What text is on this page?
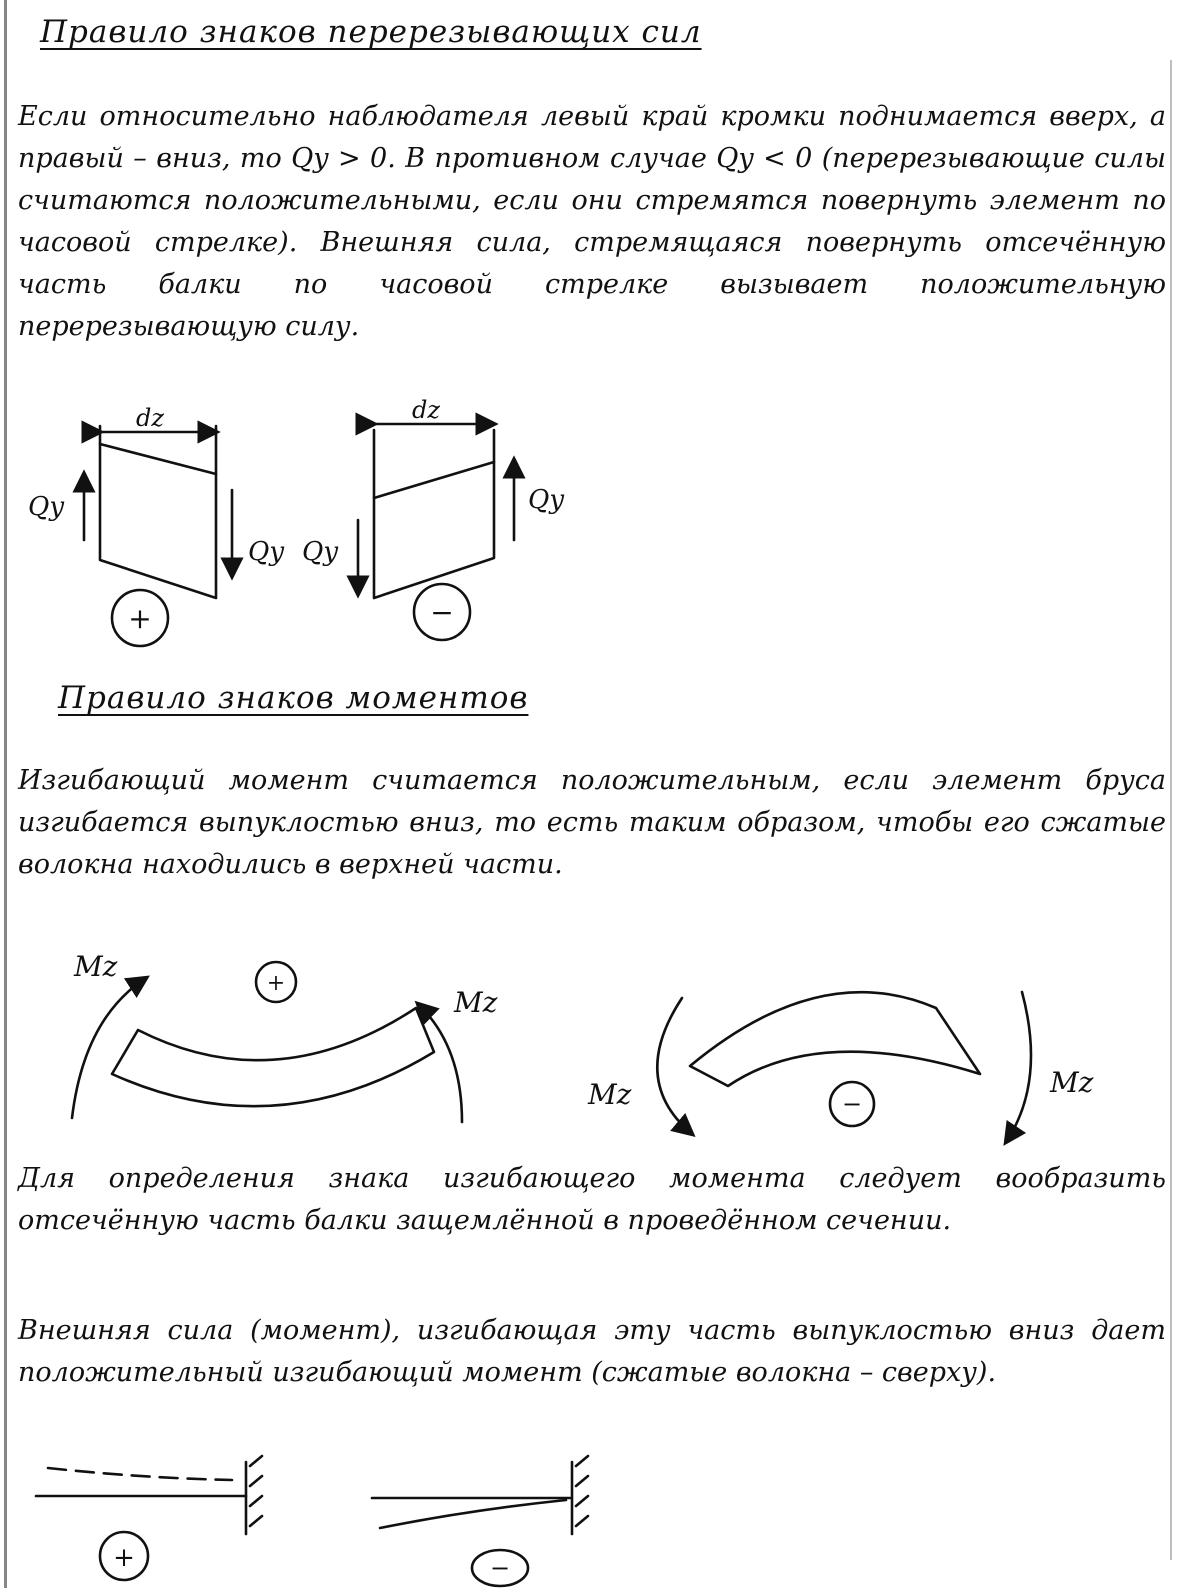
Правило знаков перерезывающих сил

Если относительно наблюдателя левый край кромки поднимается вверх, а правый – вниз, то Qy > 0. В противном случае Qy < 0 (перерезывающие силы считаются положительными, если они стремятся повернуть элемент по часовой стрелке). Внешняя сила, стремящаяся повернуть отсечённую часть балки по часовой стрелке вызывает положительную перерезывающую силу.

Правило знаков моментов

Изгибающий момент считается положительным, если элемент бруса изгибается выпуклостью вниз, то есть таким образом, чтобы его сжатые волокна находились в верхней части.

Для определения знака изгибающего момента следует вообразить отсечённую часть балки защемлённой в проведённом сечении.

Внешняя сила (момент), изгибающая эту часть выпуклостью вниз дает положительный изгибающий момент (сжатые волокна – сверху).

dz
Qy
Qy
+
dz
Qy
Qy
−
Mz
Mz
+
Mz	Mz
−
+	−
